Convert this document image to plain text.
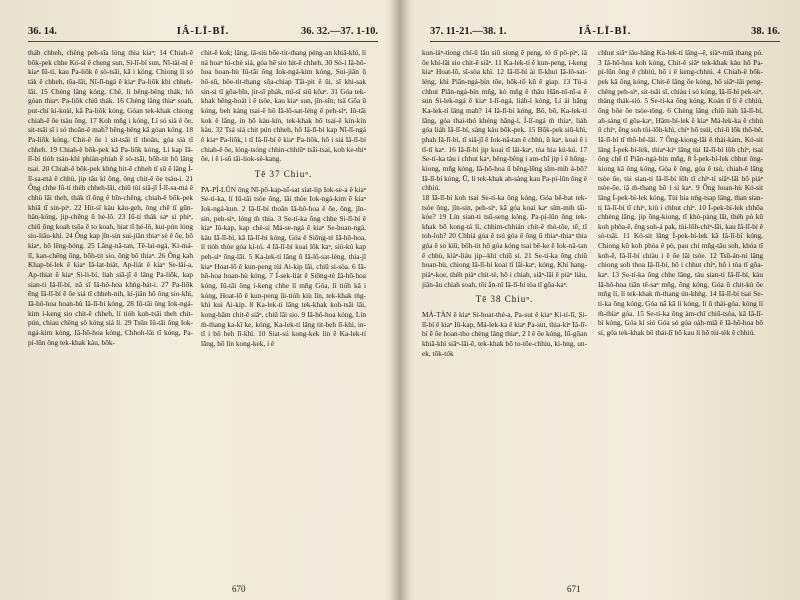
36. 14.	IÂ-LĪ-BĪ.	36. 32.—37. 1-10.

tháh chheh, chèng peh-sīa lóng thia kiaⁿ; 14 Chiah-ê bōk-pek chhe Kó-sí ê cheng sun, Si-lī-bí sun, Nî-tài-nî ê kiaⁿ Iû-tí, kau Pa-liōk ê sò-tsāi, kā i kóng, Chiong lí só ták ê chheh, tōa-lāi, Nî-lī-ngá ê kiaⁿ Pa-liōk khi chheh-lāi. 15 Chèng lâng kóng, Chê, lí bêng-bêng thák, hō góan thiaⁿ. Pa-liōk chiū thák. 16 Chèng lâng thiaⁿ soah, put-chí ki-koài, kā Pa-liōk kóng, Góan tek-khak chiong chiah-ê ōe tsàu ông. 17 Koh mñg i kóng, Lí só sià ê ōe, sit-tsāi sī i só thoân-ê mah? bêng-bêng kā góan kóng. 18 Pa-liōk kóng, Chit-ê ōe i sit-tsāi tī thoân, góa sià tī chheh. 19 Chiah-ê bōk-pek kā Pa-liōk kóng, Lí kap Iâ-lī-bí tióh tsáu-khì phiàn-phiah ê sò-tsāi, bōh-tit hō lâng tsai. 20 Chiah-ê bōk-pek khǹg hit-ê chheh tī sū ê lâng Í-lī-sa-má ê chhù, jip tâu kì ông, ông chit-ê ōe tsáu-i. 21 Ông chhe Iû-tí thèh chheh-lāi, chiū tùi siā-jī Í-lī-sa-má ê chhù lāi theh, thák tī ông ê bīn-chêng, chiah-ê bōk-pek khiā tī sin-piⁿ. 22 Hit-sî kàu káu-geh, ông chē tī gūn-hân-kóng, jip-chêng ū hé-lô. 23 Iû-tí thák saⁿ sì phiⁿ, chiū ōng koah tsōa ê to koah, hiat tī hé-lô, kui-pún lóng sio-liāu-khì. 24 Ông kap jīn-sin sui-jiân thiaⁿ sè ê ōe, bô kiaⁿ, bô lêng-hóng. 25 Lâng-nā-tan, Tē-lai-ngá, Ki-má-lī, kan-chêng ông, bōh-tit sio, ông bô thiaⁿ. 26 Ông kah Khap-bí-lek ê kiaⁿ Iâ-lat-biát, Ap-liát ê kiaⁿ Se-lâi-a, Ap-thiat ê kiaⁿ Si-li-bí, liah siā-jī ê lâng Pa-liōk, kap sian-ti Iâ-lī-bí, nā sī Iâ-hô-hoa khǹg-bát-i. 27 Pa-liōk ēng Iâ-lī-bí ê ōe siá tī chheh-nih, kì-jiân hō ông sio-khì, Iâ-hô-hoa hoan-hù Iâ-lī-bí kóng, 28 Iû-tāi ông Iok-ngá-kim í-keng sio chit-ê chheh, lí tióh koh-tsāi theh chit-pún, chiau chêng sò kóng siá lí. 29 Tsûn Iû-tāi ông Iok-ngá-kim kóng, Iâ-hô-hoa kóng, Chhoh-lâi tī kóng, Pa-pí-lûn ông tek-khak kàu, bōk-

chit-ê kok; lâng, iā-siù bōe-tit-thang péng-an khiā-khì, lí ná hoaⁿ hi-chè siá, góa hē sio hit-ê chheh. 30 Sò-í Iâ-hô-hoa hoan-hù Iû-tāi ông Iok-ngá-kim kóng, Sui-jiân ū hō-sū, bōe-tit-thang sōa-chiap Tāi-pit ê ūi, sī khi-sak sin-si tī gōa-bīn, jit-sî phák, mî-sî siū kôaⁿ. 31 Góa tek-khak hêng-hoát i ê tsòe, kau kiaⁿ sun, jîn-sîn; tsā Gōa ū kóng, beh kàng tsai-ê hō Iâ-lō-sat-léng ê peh-sìⁿ, Iû-tāi kok ê lâng, in hō kàu-kín, tek-khak hō tsai-ê kín-kín kàu. 32 Tsá siá chit pún chheh, hō Iâ-lī-bí kap Nî-lī-ngá ê kiaⁿ Pa-liōk, i tī Iâ-lī-bí ê kiaⁿ Pa-liōk, hō i siá Iâ-lī-bí chiah-ê ōe, lóng-tsóng chhin-chhiūⁿ tsāi-tsai, koh ke-thiⁿ ōe, i ê i-sū tāi-liok-sè-kang.

Tē 37 Chiuⁿ.

PA-PÍ-LÛN ông Nī-pō-kap-nī-sat siat-lip Iok-se-a ê kiaⁿ Se-tí-ka, lí Iû-tāi tsòe ông, lāi thòe Iok-ngá-kim ê kiaⁿ Iok-ngá-kun. 2 Iâ-lī-bí thoân Iâ-hô-hoa ê ōe, ông, jîn-sin, peh-sìⁿ, lóng m̄ thia. 3 Se-tí-ka ông chhe Si-lī-bí ê kiaⁿ Iû-kap, kap chè-si Má-se-ngá ê kiaⁿ Se-hoan-ngá, kàu Iâ-lī-bí, kā Iâ-lī-bí kóng, Góa ê Siōng-tè Iâ-hô-hoa, lí tióh thòe góa kí-tó. 4 Iâ-lī-bí koai lōk kaⁿ, siù-kú kap peh-sìⁿ ōng-lāi. 5 Ka-lek-tí lâng ū Iâ-lō-sat-léng, thia-jī kiaⁿ Hoat-lō ê kun-peng tùi Ai-kip lâi, chiū si-sòa. 6 Iâ-hô-hoa hoan-hù kóng, 7 Í-sek-liát ê Siōng-tè Iâ-hô-hoa kóng, Iû-tāi ông í-keng chhe lí mñg Góa, lí tióh kā i kóng, Hoat-lō ê kun-peng ūi-tióh kiù lín, tek-khak tńg-khì kui Ai-kip. 8 Ka-lek-tí lâng tek-khak koh-tsāi lāi, kong-hām chit-ê siâⁿ, chiū lāi sio. 9 Iâ-hô-hoa kóng, Lín m̄-thang ka-kī ke, kóng, Ka-lek-tí lâng tit-beh lī-khì, in-tī i bō beh lī-khì. 10 Siat-sú kong-kek lín ê Ka-lek-tí lâng, hō lín kong-kek, í ê

670
37. 11-21.—38. 1.	IÂ-LĪ-BĪ.	38. 16.

kun-iàⁿ-tiong chí-ū lâu siū siong ê peng, tó tī pō-piⁿ, iā ōe khí-lâi sio chit-ê siâⁿ. 11 Ka-lek-tí ê kun-peng, í-keng kiaⁿ Hoat-lō, sī-sòa khì. 12 Iâ-lī-bí ài lī-khui Iâ-lō-sat-léng, khì Piān-ngá-bín tōe, hōk-tō kū ê giap. 13 Tú-á chhut Piān-ngá-bín mñg, kò mñg ê thâu Hān-nî-nî-a ê sun Si-lek-ngá ê kiaⁿ I-lī-ngá, liáh-ì kóng, Lí ài hâng Ka-lek-tí lâng mah? 14 Iâ-lī-bí kóng, Bô, bô, Ka-lek-tí lâng, góa thai-thó khéng hāng-ì, Í-lī-ngá m̄ thiaⁿ, liáh góa liáh Iâ-lī-bí, sàng kàu bōk-pek. 15 Bōk-pek siū-khì, phah Iâ-lī-bí, tī siā-jī ê Iok-nâ-tan ê chhù, ū kaⁿ, koai ê i tī-tī kaⁿ. 16 Iâ-lī-bí jip koai tī lāi-kaⁿ, tòa hia kú-kú. 17 Se-tí-ka tàu i chhut kaⁿ, bêng-bêng i am-chī jip i ê hōng-kiong, mñg kóng, Iâ-hô-hoa ū bêng-lēng sīm-mih á-bō? Iâ-lī-bí kóng, Ū, lí tek-khak ah-sàng kau Pa-pí-lûn ông ê chhiú.

18 Iâ-lī-bí koh tsai Se-tí-ka ông kóng, Góa bē-bat tek-tsòe ông, jîn-sin, peh-sìⁿ, kā góa koai kaⁿ sím-mih tāi-kòe? 19 Lín sian-ti tsū-seng kóng, Pa-pí-lûn ông tek-khak bō kong-tá lí, chhim-chhián chit-ê thó-tōe, tē, tī toh-loh? 20 Chhiá góa ê tsú góa ê ông ū thiaⁿ-thiaⁿ thia góa ê so kiû, bōh-tit hō góa kóng tsai bē-ke ê Iok-nâ-tan ê chhù, kiàⁿ-liáu jip--khì chiū sí. 21 Se-tí-ka ông chiū hoan-hù, chiong Iâ-lī-bí koai tī lāi-kaⁿ, kóng, Khí hang-piàⁿ-koe, thèh piàⁿ chit-tè, hō i chiah, siāⁿ-lāi ê piàⁿ liáu, jiân-āu chiah soah, tōi ān-nî Iâ-lī-bí tòa tī gōa-kaⁿ.

Tē 38 Chiuⁿ.

MÁ-TÀN ê kiaⁿ Si-hoat-thé-a, Pa-sut ê kiaⁿ Ki-tí-lī, Si-lī-bí ê kiaⁿ Iû-kap, Má-lek-ka ê kiaⁿ Pa-sut, thia-kìⁿ Iâ-lī-bí ê ōe hoan-tho chèng lâng thiaⁿ, 2 I ê ōe kóng, Iû-gōan khiā-khì siâⁿ-lāi-ê, tek-khak bō to-tōe-chhiu, kì-hng, un-ek, tōk-tók

chhut siâⁿ iâu-hâng Ka-lek-tí lâng--ê, siàⁿ-miā thang pó. 3 Iâ-hô-hoa koh kóng, Chit-ê siâⁿ tek-khak kàu hō Pa-pí-lûn ông ê chhiú, hō i ê keng-chhiú. 4 Chiah-ê bōk-pek kā ông kóng, Chit-ê lâng ōe kóng, hō siāⁿ-lāi peng-chêng peh-sìⁿ, sit-tsāi sī, chiàu i só kóng, Iâ-lī-bí pek-sìⁿ, thàng thák-siò. 5 Se-tí-ka ông kóng, Koán tī lí ê chhiú, ông bōe ōe tsòe-tông. 6 Chèng lâng chiū liáh Iâ-lī-bí, ah-sàng tī gōa-kaⁿ, Hâm-bí-lek ê kiaⁿ Má-lek-ka ê chhù ū chíⁿ, ēng soh tùi-lōh-khì, chíⁿ bō tsúi, chí-ū lōk thô-bê, Iâ-lī-bí tī thô-bê-lāi. 7 Ông-kiong-lāi ê thài-kàm, Kó-sit lâng Í-pek-bí-lek, thiaⁿ-kìⁿ lâng tùi Iâ-lī-bí lōh chíⁿ, tsai ông chē tī Piān-ngá-bín mñg, 8 Í-pek-bí-lek chhut ông-kiong kā ông kóng, Góa ê ông, góa ê tsú, chiah-ê lâng tsòe ōe, tùi sian-ti Iâ-lī-bí lōh tī chíⁿ-tí siāⁿ-lāi bô piàⁿ tsòe-ōe, iā m̄-thang hō i sí kaⁿ. 9 Ông hoan-hù Kó-sit lâng Í-pek-bí-lek kóng, Tùi hia nn̄g-tsap lâng, than sian-ti Iâ-lī-bí tī chíⁿ, kiù i chhut chíⁿ. 10 Í-pek-bí-lek chhōa chhèng lâng, jip ông-kiong, tī khò-pàng lāi, thèh pò kū koh phòa-ê, ēng soh-á pak, tùi-lōh-chíⁿ-lāi, kau Iâ-lī-bí ê sò-tsāi. 11 Kó-sit lâng Í-pek-bí-lek kā Iâ-lī-bí kóng, Chiong kū koh phòa ê pò, pau chí mñg-tâu soh, khóa tī koh-ē, Iâ-lī-bí chiàu i ê ōe lâi tsòe. 12 Tsū-án-ni lâng chiong soh thoa Iâ-lī-bí, hō i chhut chíⁿ, hō i tòa tī gōa-kaⁿ. 13 Se-tí-ka ông chhe lâng, tàu sian-ti Iâ-lī-bí, kàu Iâ-hô-hoa tiān tē-saⁿ mñg, ông kóng, Góa ū chit-kù ōe mñg lí, lí tek-khak m̄-thang ún-khǹg. 14 Iâ-lī-bí tsai Se-tí-ka ông kóng, Góa nā kā lí kóng, lí ū thái-góa, kóng lí m̄-thiaⁿ góa. 15 Se-tí-ka ông àm-chī chiū-tsòa, kā Iâ-lī-bí kóng, Góa kí sió Góa só góa oàh-miā ê Iâ-hô-hoa bô sí, góa tek-khak bō thái-lī bō kau lí hō tùi-tèk ê chhiú.

671
